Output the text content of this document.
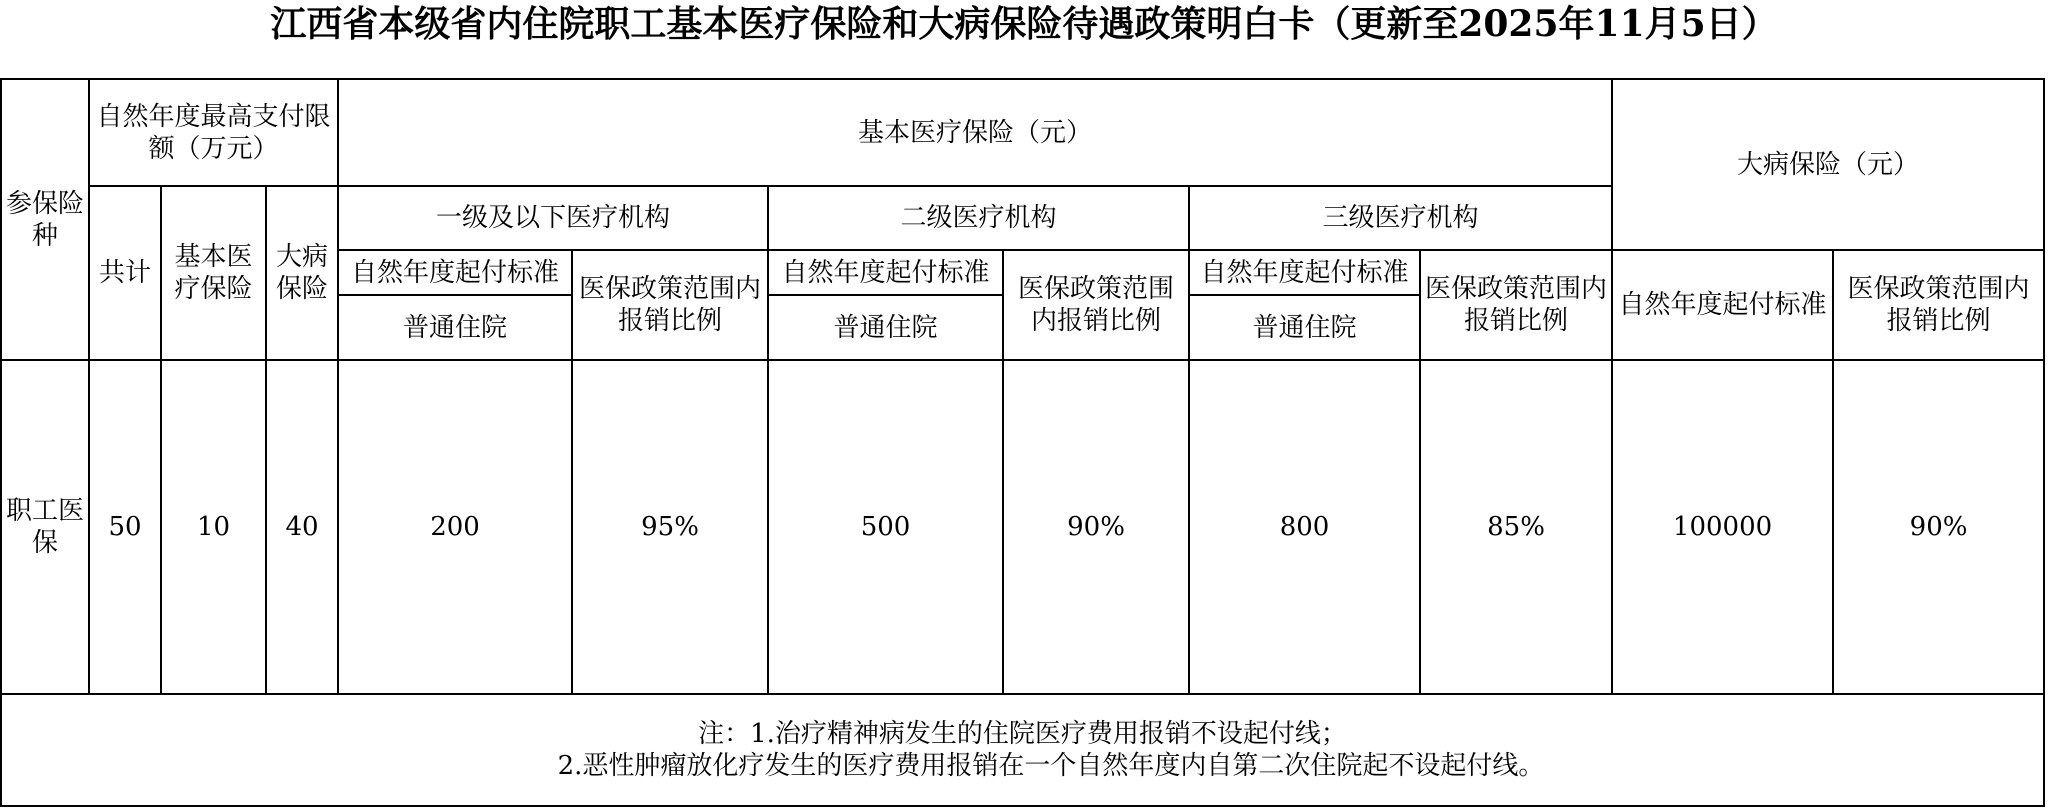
江西省本级省内住院职工基本医疗保险和大病保险待遇政策明白卡（更新至2025年11月5日）
参保险种	自然年度最高支付限额（万元）			基本医疗保险（元）						大病保险（元）	
	共计	基本医疗保险	大病保险	一级及以下医疗机构		二级医疗机构		三级医疗机构			
				自然年度起付标准	医保政策范围内报销比例	自然年度起付标准	医保政策范围内报销比例	自然年度起付标准	医保政策范围内报销比例	自然年度起付标准	医保政策范围内报销比例
				普通住院		普通住院		普通住院			
职工医保	50	10	40	200	95%	500	90%	800	85%	100000	90%

注：1.治疗精神病发生的住院医疗费用报销不设起付线；
2.恶性肿瘤放化疗发生的医疗费用报销在一个自然年度内自第二次住院起不设起付线。											
